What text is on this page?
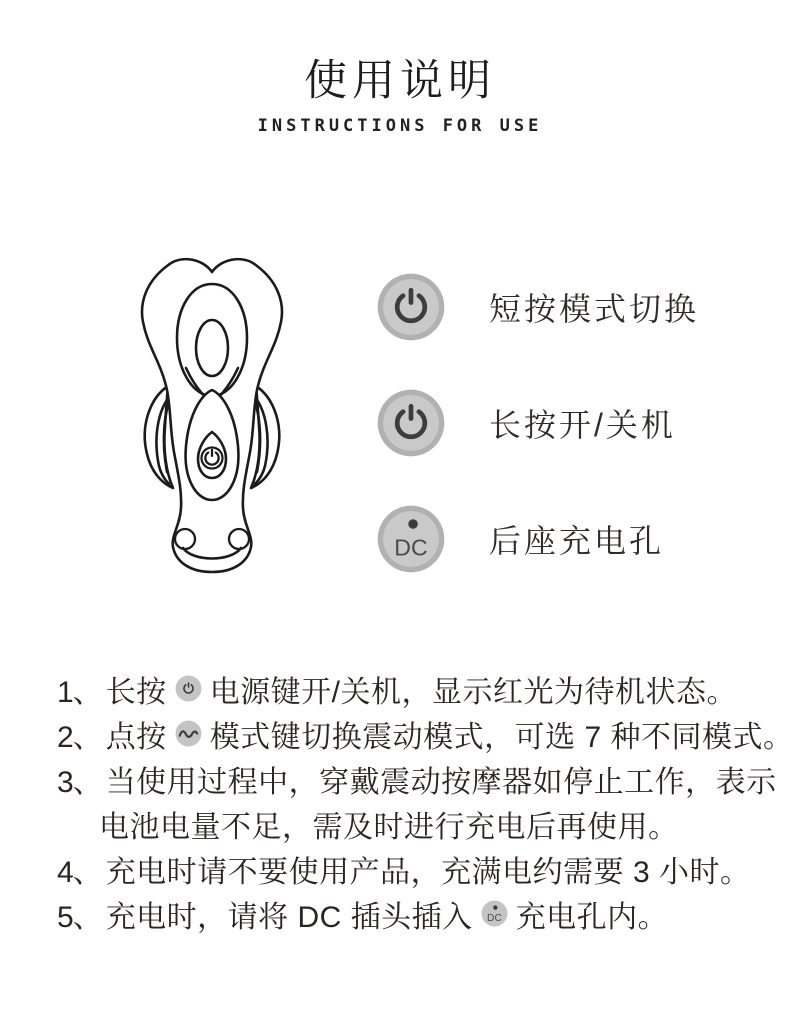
使用说明
INSTRUCTIONS FOR USE
短按模式切换
长按开/关机
DC 后座充电孔
1、 长按 电源键开/关机，显示红光为待机状态。
2、 点按 模式键切换震动模式，可选 7 种不同模式。
3、 当使用过程中，穿戴震动按摩器如停止工作，表示
电池电量不足，需及时进行充电后再使用。
4、 充电时请不要使用产品，充满电约需要 3 小时。
5、 充电时，请将 DC 插头插入 DC 充电孔内。
